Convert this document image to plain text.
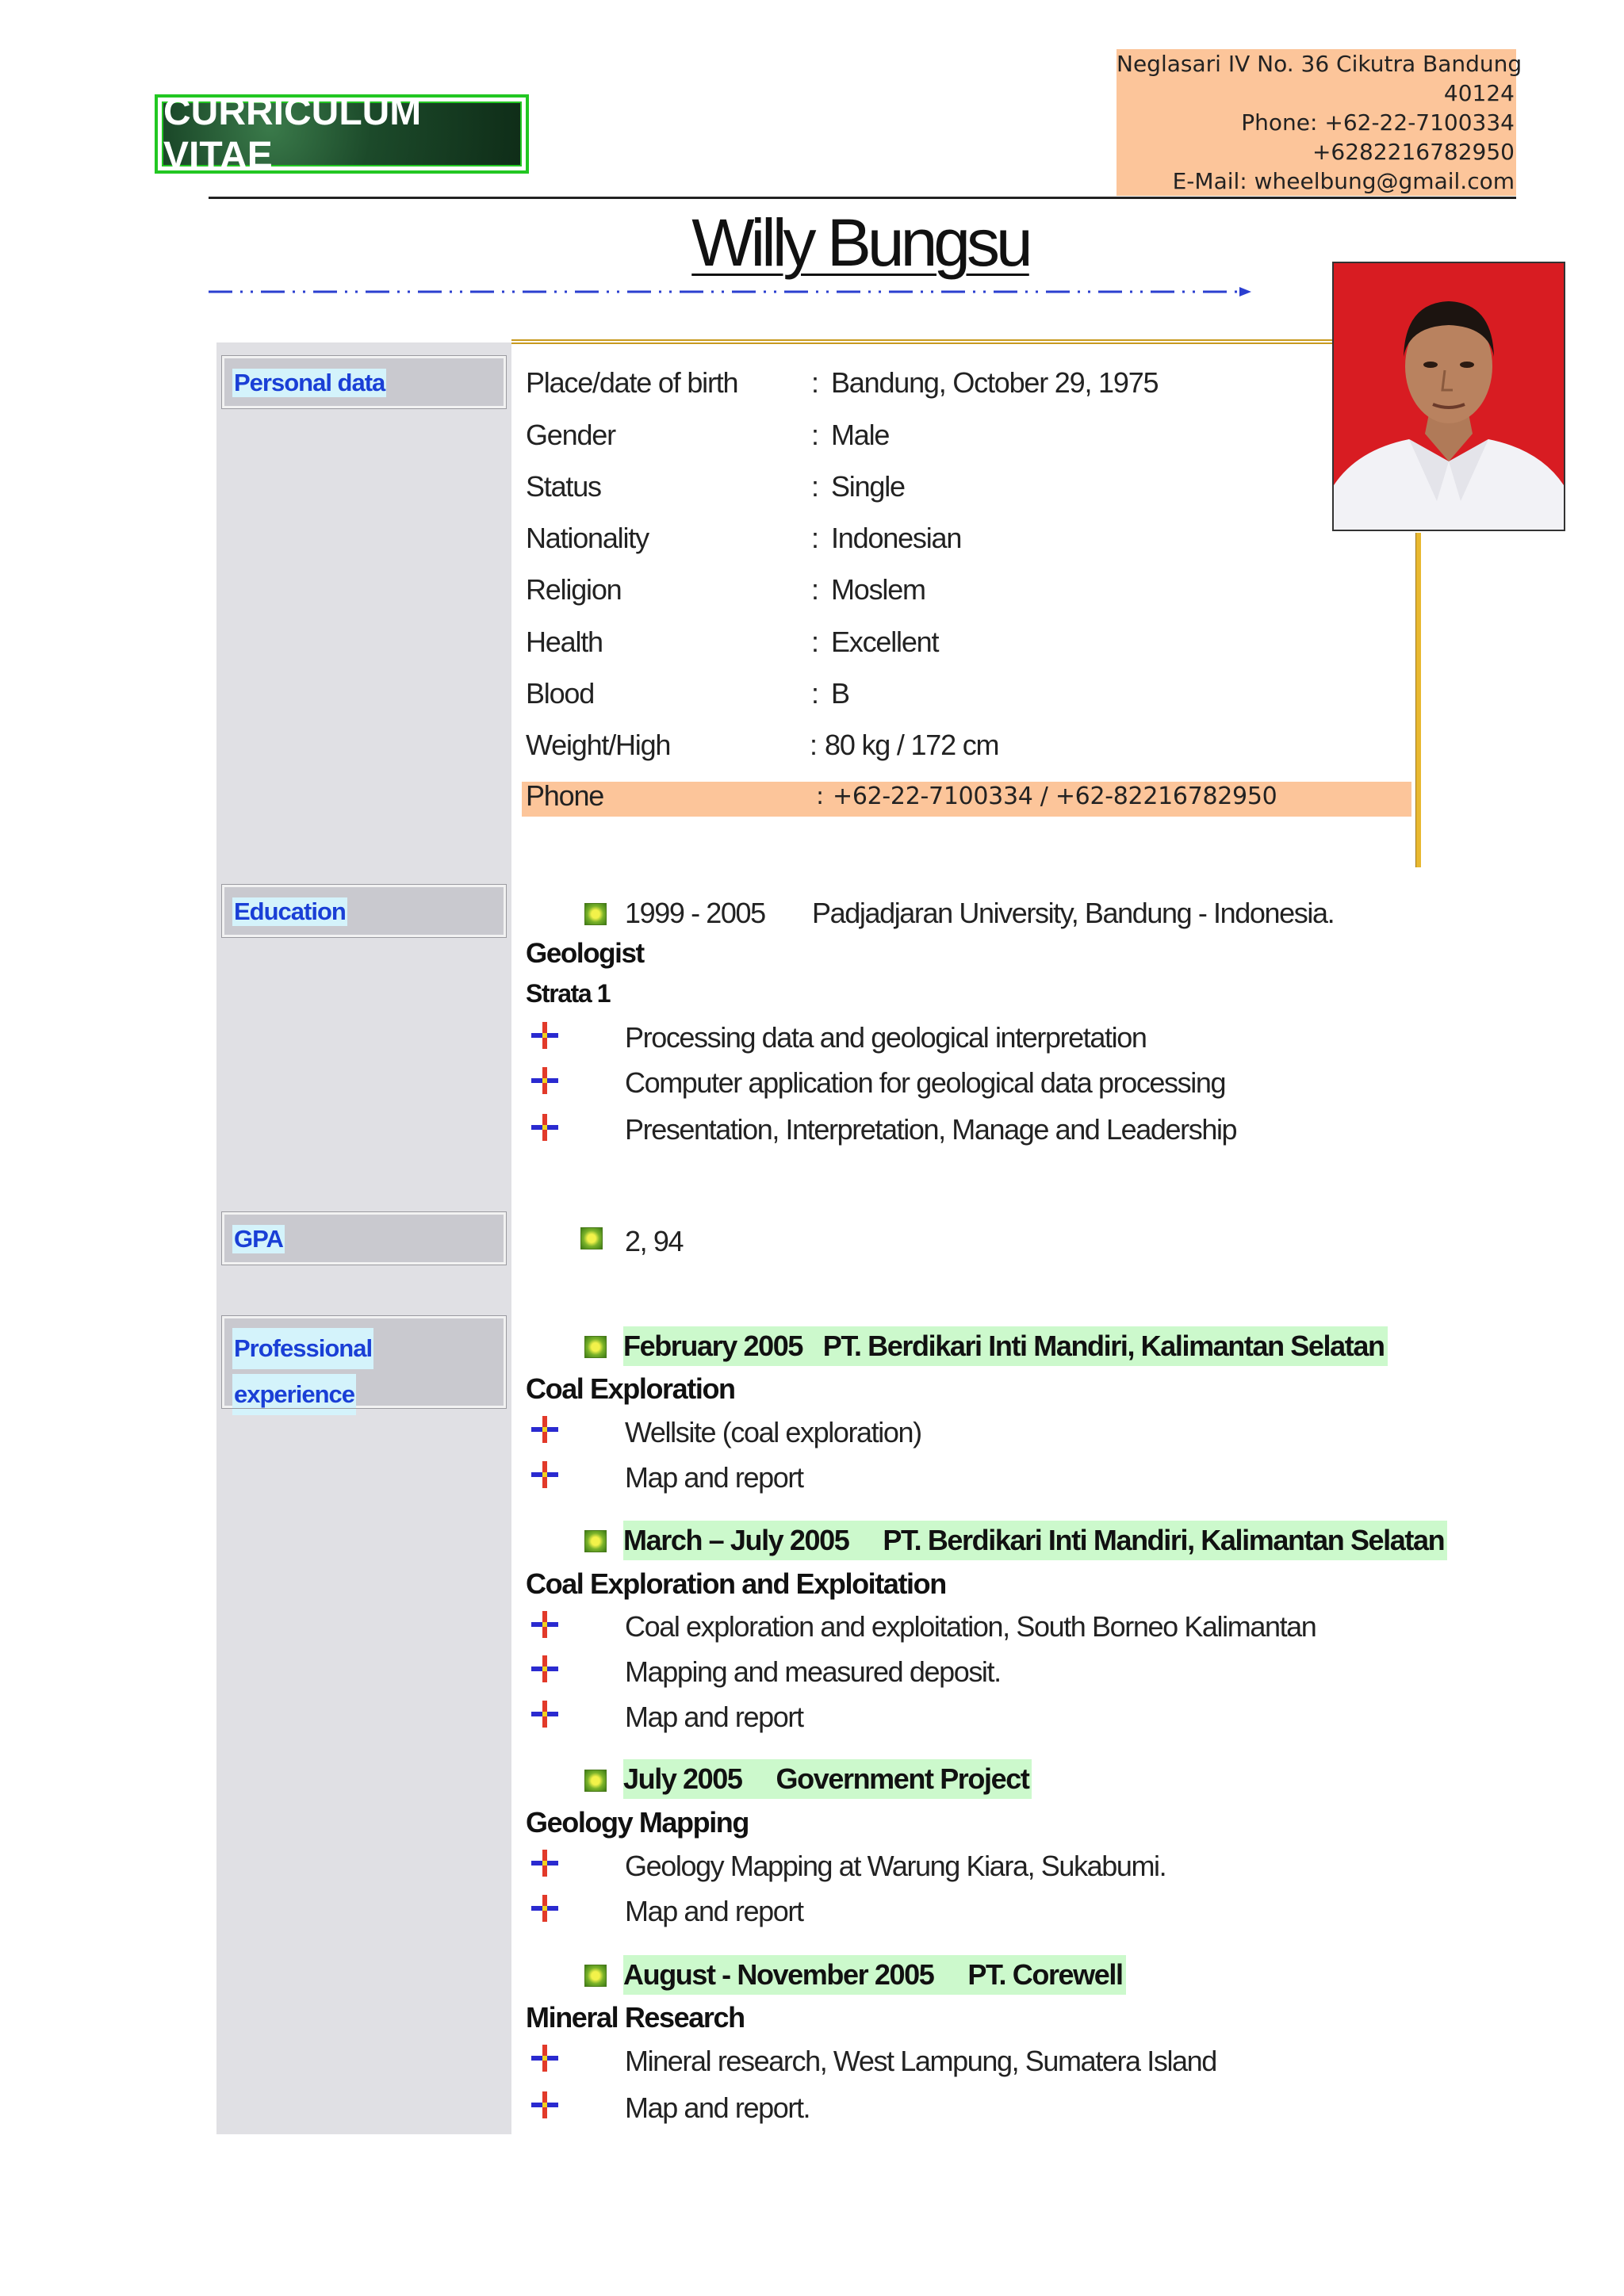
CURRICULUM VITAE
Neglasari IV No. 36 Cikutra Bandung
40124
Phone: +62-22-7100334
+6282216782950
E-Mail: wheelbung@gmail.com
Willy Bungsu
Personal data	Place/date of birth	: Bandung, October 29, 1975
Gender	: Male
Status	: Single
Nationality	: Indonesian
Religion	: Moslem
Health	: Excellent
Blood	: B
Weight/High	: 80 kg / 172 cm
Phone	: +62-22-7100334 / +62-82216782950
Education	1999 - 2005 Padjadjaran University, Bandung - Indonesia.
Geologist
Strata 1
Processing data and geological interpretation
Computer application for geological data processing
Presentation, Interpretation, Manage and Leadership
GPA	2, 94
Professional
experience
February 2005 PT. Berdikari Inti Mandiri, Kalimantan Selatan
Coal Exploration
Wellsite (coal exploration)
Map and report
March – July 2005 PT. Berdikari Inti Mandiri, Kalimantan Selatan
Coal Exploration and Exploitation
Coal exploration and exploitation, South Borneo Kalimantan
Mapping and measured deposit.
Map and report
July 2005 Government Project
Geology Mapping
Geology Mapping at Warung Kiara, Sukabumi.
Map and report
August - November 2005 PT. Corewell
Mineral Research
Mineral research, West Lampung, Sumatera Island
Map and report.
